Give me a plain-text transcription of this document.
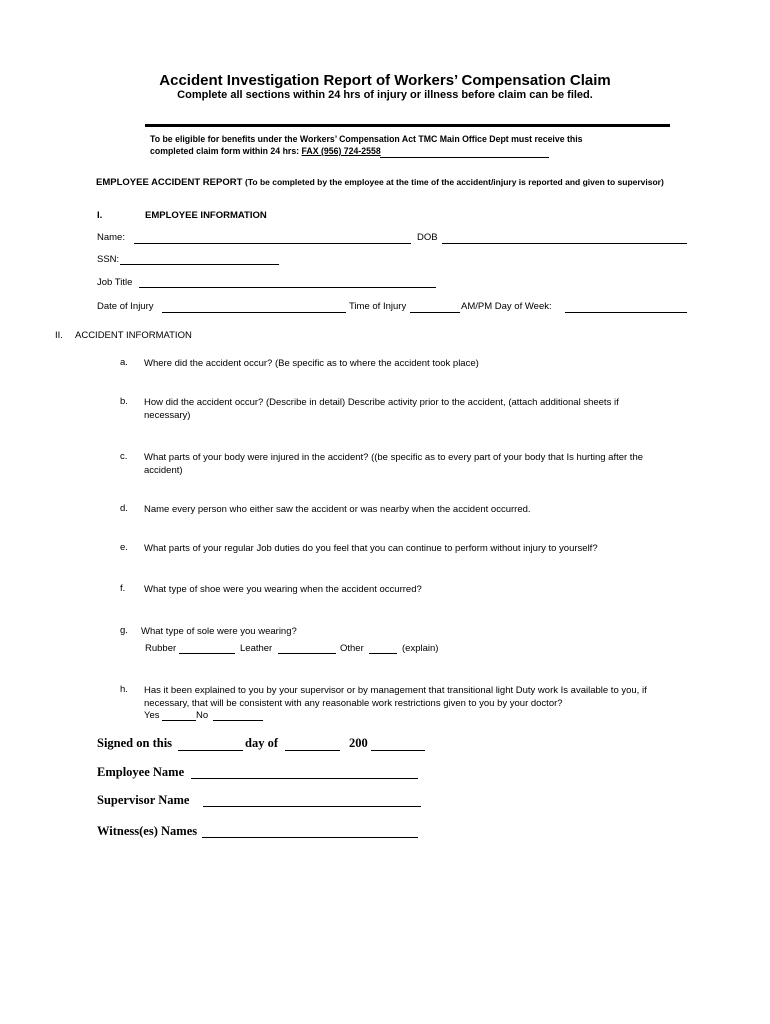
Accident Investigation Report of Workers’ Compensation Claim
Complete all sections within 24 hrs of injury or illness before claim can be filed.
To be eligible for benefits under the Workers’ Compensation Act TMC Main Office Dept must receive this
completed claim form within 24 hrs: FAX (956) 724-2558
EMPLOYEE ACCIDENT REPORT (To be completed by the employee at the time of the accident/injury is reported and given to supervisor)
I.	EMPLOYEE INFORMATION
Name:	DOB
SSN:
Job Title
Date of Injury	Time of Injury	AM/PM Day of Week:
II. ACCIDENT INFORMATION
a. Where did the accident occur? (Be specific as to where the accident took place)
b. How did the accident occur? (Describe in detail) Describe activity prior to the accident, (attach additional sheets if necessary)
c. What parts of your body were injured in the accident? ((be specific as to every part of your body that Is hurting after the accident)
d. Name every person who either saw the accident or was nearby when the accident occurred.
e. What parts of your regular Job duties do you feel that you can continue to perform without injury to yourself?
f. What type of shoe were you wearing when the accident occurred?
g. What type of sole were you wearing?
Rubber	Leather	Other	(explain)
h. Has it been explained to you by your supervisor or by management that transitional light Duty work Is available to you, if necessary, that will be consistent with any reasonable work restrictions given to you by your doctor?
Yes	No
Signed on this	day of	200
Employee Name
Supervisor Name
Witness(es) Names
